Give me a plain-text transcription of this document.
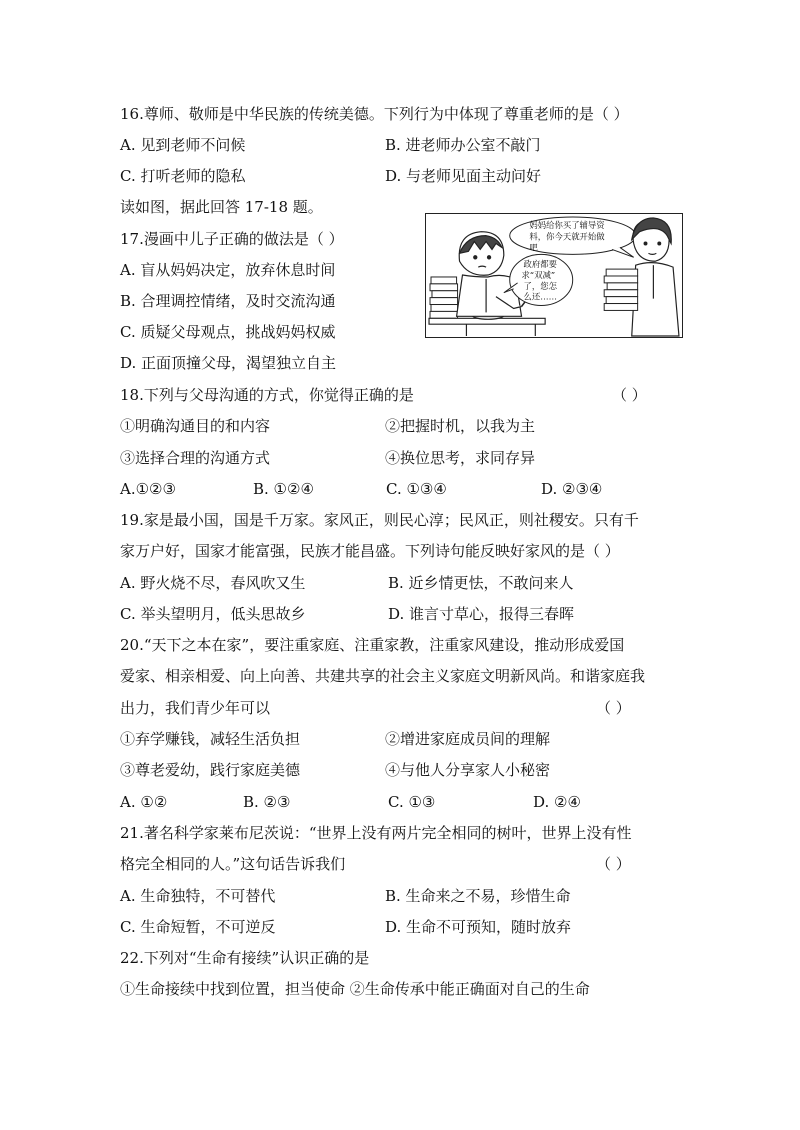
16.尊师、敬师是中华民族的传统美德。下列行为中体现了尊重老师的是（ ）
A. 见到老师不问候	B. 进老师办公室不敲门
C. 打听老师的隐私	D. 与老师见面主动问好
读如图，据此回答 17-18 题。
17.漫画中儿子正确的做法是（ ）
A. 盲从妈妈决定，放弃休息时间
B. 合理调控情绪，及时交流沟通
C. 质疑父母观点，挑战妈妈权威
D. 正面顶撞父母，渴望独立自主
政府都要
求“双减”
了，您怎
么还……
妈妈给你买了辅导资
料，你今天就开始做
吧
18.下列与父母沟通的方式，你觉得正确的是	（ ）
①明确沟通目的和内容	②把握时机，以我为主
③选择合理的沟通方式	④换位思考，求同存异
A.①②③	B. ①②④	C. ①③④	D. ②③④
19.家是最小国，国是千万家。家风正，则民心淳；民风正，则社稷安。只有千
家万户好，国家才能富强，民族才能昌盛。下列诗句能反映好家风的是（ ）
A. 野火烧不尽，春风吹又生	B. 近乡情更怯，不敢问来人
C. 举头望明月，低头思故乡	D. 谁言寸草心，报得三春晖
20.“天下之本在家”，要注重家庭、注重家教，注重家风建设，推动形成爱国
爱家、相亲相爱、向上向善、共建共享的社会主义家庭文明新风尚。和谐家庭我
出力，我们青少年可以	（ ）
①弃学赚钱，减轻生活负担	②增进家庭成员间的理解
③尊老爱幼，践行家庭美德	④与他人分享家人小秘密
A. ①②	B. ②③	C. ①③	D. ②④
21.著名科学家莱布尼茨说：“世界上没有两片完全相同的树叶，世界上没有性
格完全相同的人。”这句话告诉我们	（ ）
A. 生命独特，不可替代	B. 生命来之不易，珍惜生命
C. 生命短暂，不可逆反	D. 生命不可预知，随时放弃
22.下列对“生命有接续”认识正确的是
①生命接续中找到位置，担当使命 ②生命传承中能正确面对自己的生命
